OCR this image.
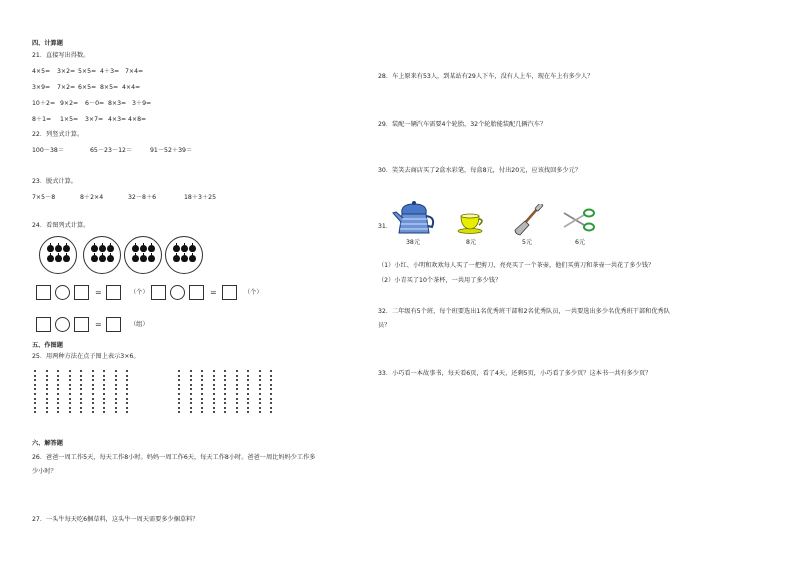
四、计算题
21．直接写出得数。
4×5= 3×2= 5×5= 4＋3= 7×4=
3×9= 7×2= 6×5= 8×5= 4×4=
10＋2= 9×2= 6－0= 8×3= 3＋9=
8＋1= 1×5= 3×7= 4×3= 4×8=
22．列竖式计算。
100－38＝	65－23－12＝	91－52＋39＝
23．脱式计算。
7×5－8	8＋2×4	32－8＋6	18＋3＋25
24．看图列式计算。
=	（个）	=	（个）
=	（组）
五、作图题
25．用两种方法在点子图上表示3×6。
六、解答题
26．爸爸一周工作5天，每天工作8小时。妈妈一周工作6天，每天工作8小时。爸爸一周比妈妈少工作多
少小时？
27．一头牛每天吃6捆草料，这头牛一周天需要多少捆草料？
28．车上原来有53人，到某站有29人下车，没有人上车，现在车上有多少人？
29．装配一辆汽车需要4个轮胎，32个轮胎能装配几辆汽车？
30．笑笑去商店买了2盒水彩笔，每盒8元，付出20元，应该找回多少元？
31．
38元	8元	5元	6元
（1）小红、小明和欢欢每人买了一把剪刀，亮亮买了一个茶壶，他们买剪刀和茶壶一共花了多少钱？
（2）小青买了10个茶杯，一共用了多少钱？
32．二年级有5个班，每个班要选出1名优秀班干部和2名优秀队员，一共要选出多少名优秀班干部和优秀队
员？
33．小巧看一本故事书，每天看6页，看了4天，还剩5页，小巧看了多少页？这本书一共有多少页？
